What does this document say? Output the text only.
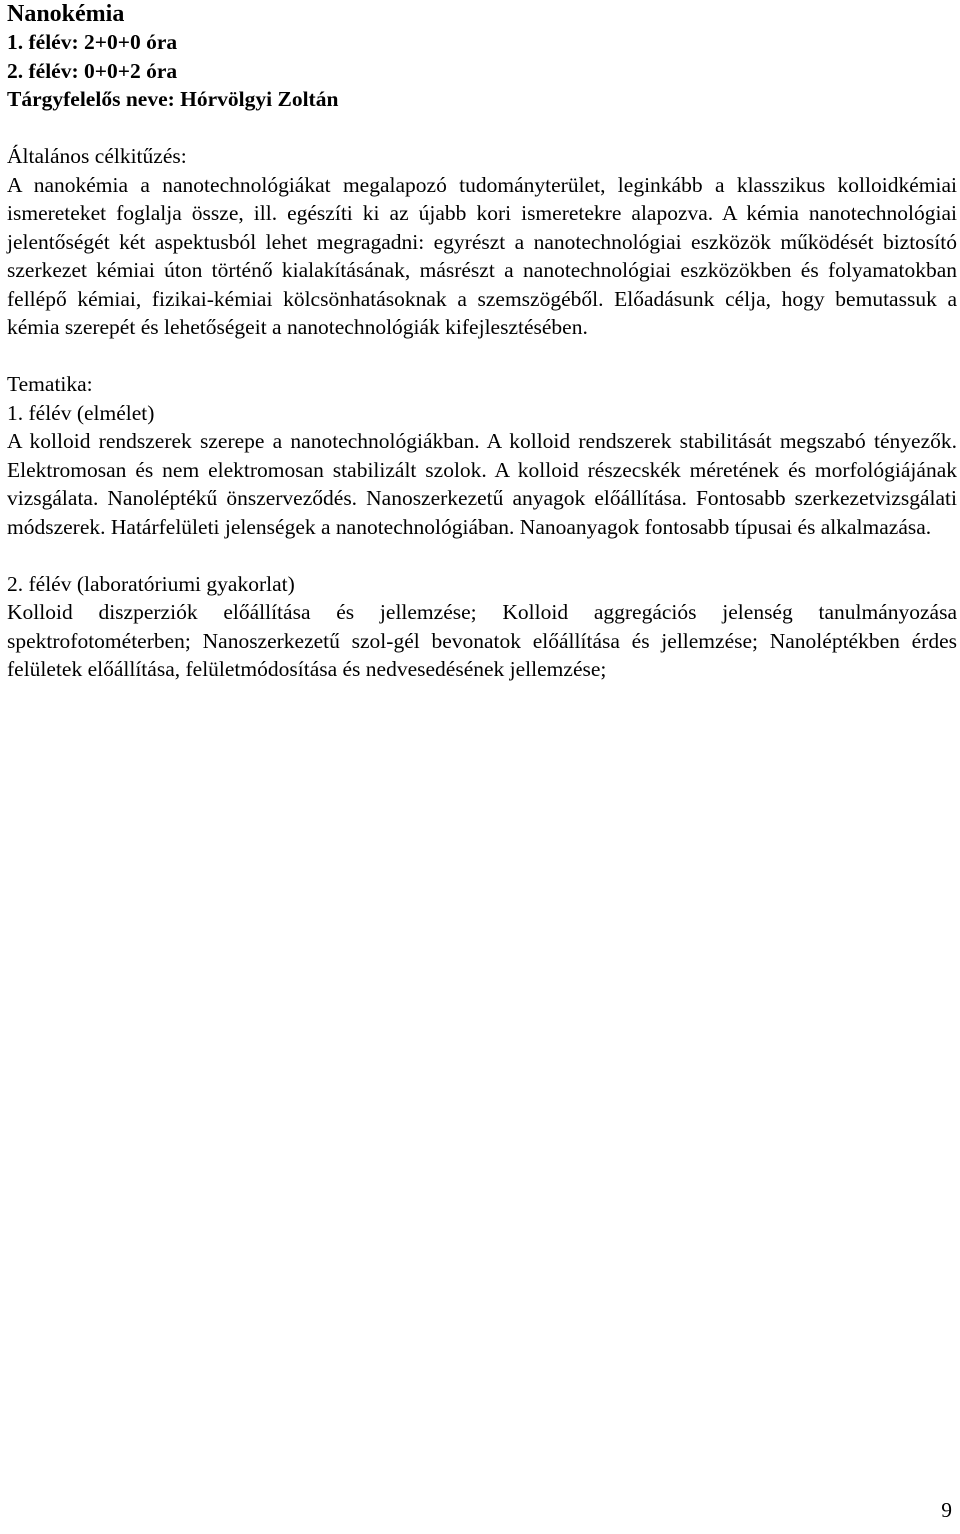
Nanokémia

1. félév: 2+0+0 óra

2. félév: 0+0+2 óra

Tárgyfelelős neve: Hórvölgyi Zoltán

Általános célkitűzés:

A nanokémia a nanotechnológiákat megalapozó tudományterület, leginkább a klasszikus kolloidkémiai ismereteket foglalja össze, ill. egészíti ki az újabb kori ismeretekre alapozva. A kémia nanotechnológiai jelentőségét két aspektusból lehet megragadni: egyrészt a nanotechnológiai eszközök működését biztosító szerkezet kémiai úton történő kialakításának, másrészt a nanotechnológiai eszközökben és folyamatokban fellépő kémiai, fizikai-kémiai kölcsönhatásoknak a szemszögéből. Előadásunk célja, hogy bemutassuk a kémia szerepét és lehetőségeit a nanotechnológiák kifejlesztésében.

Tematika:

1. félév (elmélet)

A kolloid rendszerek szerepe a nanotechnológiákban. A kolloid rendszerek stabilitását megszabó tényezők. Elektromosan és nem elektromosan stabilizált szolok. A kolloid részecskék méretének és morfológiájának vizsgálata. Nanoléptékű önszerveződés. Nanoszerkezetű anyagok előállítása. Fontosabb szerkezetvizsgálati módszerek. Határfelületi jelenségek a nanotechnológiában. Nanoanyagok fontosabb típusai és alkalmazása.

2. félév (laboratóriumi gyakorlat)

Kolloid diszperziók előállítása és jellemzése; Kolloid aggregációs jelenség tanulmányozása spektrofotométerben; Nanoszerkezetű szol-gél bevonatok előállítása és jellemzése; Nanoléptékben érdes felületek előállítása, felületmódosítása és nedvesedésének jellemzése;

9
